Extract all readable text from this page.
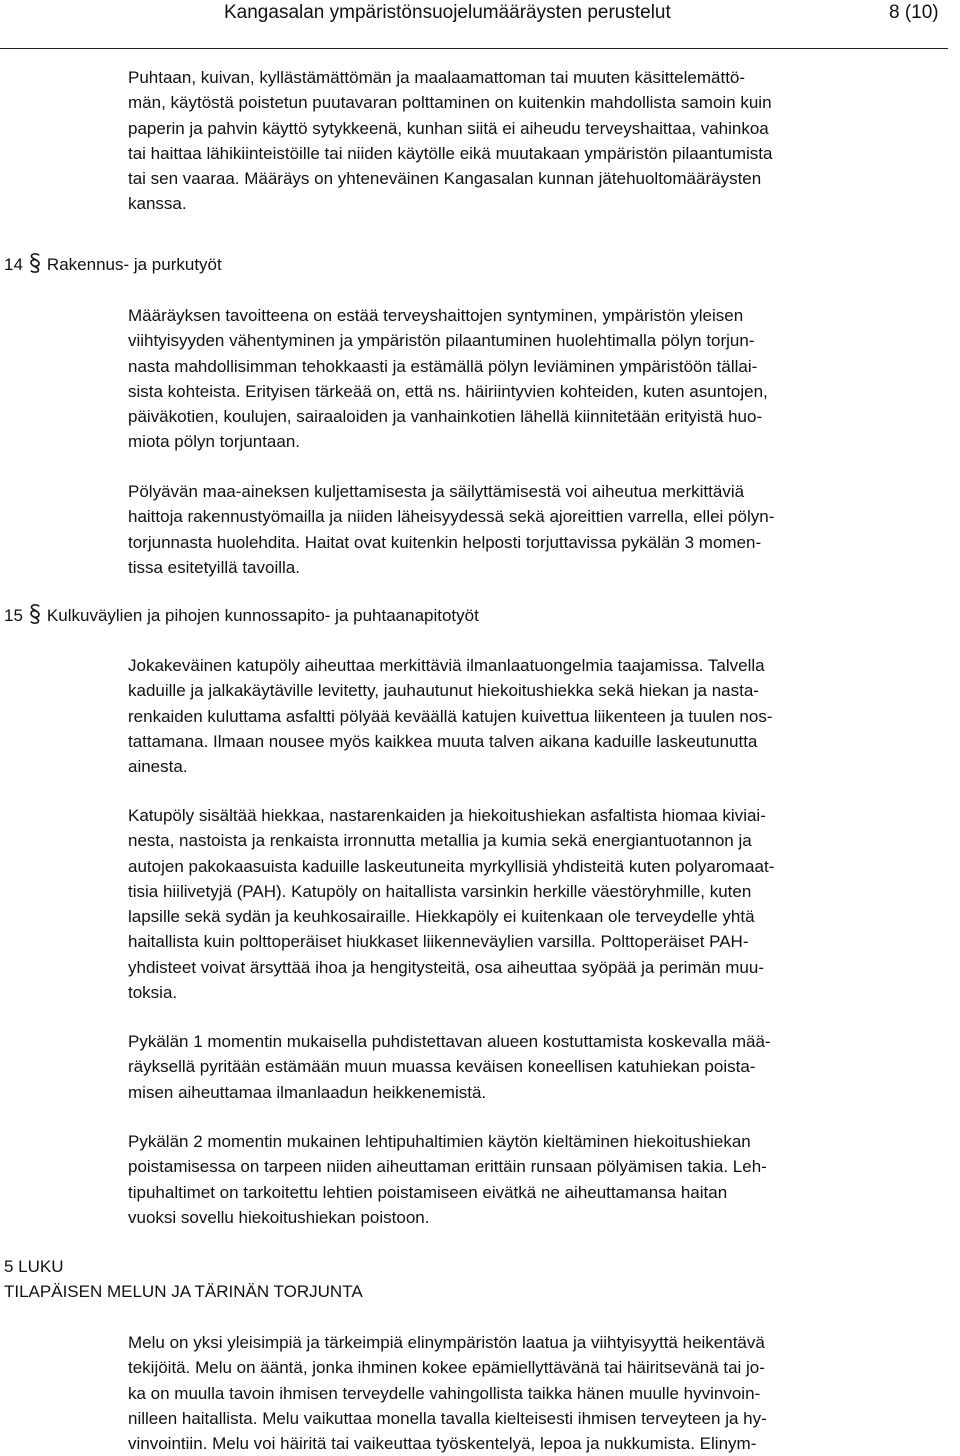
Kangasalan ympäristönsuojelumääräysten perustelut	8 (10)
Puhtaan, kuivan, kyllästämättömän ja maalaamattoman tai muuten käsittelemättö-
män, käytöstä poistetun puutavaran polttaminen on kuitenkin mahdollista samoin kuin
paperin ja pahvin käyttö sytykkeenä, kunhan siitä ei aiheudu terveyshaittaa, vahinkoa
tai haittaa lähikiinteistöille tai niiden käytölle eikä muutakaan ympäristön pilaantumista
tai sen vaaraa. Määräys on yhteneväinen Kangasalan kunnan jätehuoltomääräysten
kanssa.
14 Rakennus- ja purkutyöt
Määräyksen tavoitteena on estää terveyshaittojen syntyminen, ympäristön yleisen
viihtyisyyden vähentyminen ja ympäristön pilaantuminen huolehtimalla pölyn torjun-
nasta mahdollisimman tehokkaasti ja estämällä pölyn leviäminen ympäristöön tällai-
sista kohteista. Erityisen tärkeää on, että ns. häiriintyvien kohteiden, kuten asuntojen,
päiväkotien, koulujen, sairaaloiden ja vanhainkotien lähellä kiinnitetään erityistä huo-
miota pölyn torjuntaan.
Pölyävän maa-aineksen kuljettamisesta ja säilyttämisestä voi aiheutua merkittäviä
haittoja rakennustyömailla ja niiden läheisyydessä sekä ajoreittien varrella, ellei pölyn-
torjunnasta huolehdita. Haitat ovat kuitenkin helposti torjuttavissa pykälän 3 momen-
tissa esitetyillä tavoilla.
15 Kulkuväylien ja pihojen kunnossapito- ja puhtaanapitotyöt
Jokakeväinen katupöly aiheuttaa merkittäviä ilmanlaatuongelmia taajamissa. Talvella
kaduille ja jalkakäytäville levitetty, jauhautunut hiekoitushiekka sekä hiekan ja nasta-
renkaiden kuluttama asfaltti pölyää keväällä katujen kuivettua liikenteen ja tuulen nos-
tattamana. Ilmaan nousee myös kaikkea muuta talven aikana kaduille laskeutunutta
ainesta.
Katupöly sisältää hiekkaa, nastarenkaiden ja hiekoitushiekan asfaltista hiomaa kiviai-
nesta, nastoista ja renkaista irronnutta metallia ja kumia sekä energiantuotannon ja
autojen pakokaasuista kaduille laskeutuneita myrkyllisiä yhdisteitä kuten polyaromaat-
tisia hiilivetyjä (PAH). Katupöly on haitallista varsinkin herkille väestöryhmille, kuten
lapsille sekä sydän ja keuhkosairaille. Hiekkapöly ei kuitenkaan ole terveydelle yhtä
haitallista kuin polttoperäiset hiukkaset liikenneväylien varsilla. Polttoperäiset PAH-
yhdisteet voivat ärsyttää ihoa ja hengitysteitä, osa aiheuttaa syöpää ja perimän muu-
toksia.
Pykälän 1 momentin mukaisella puhdistettavan alueen kostuttamista koskevalla mää-
räyksellä pyritään estämään muun muassa keväisen koneellisen katuhiekan poista-
misen aiheuttamaa ilmanlaadun heikkenemistä.
Pykälän 2 momentin mukainen lehtipuhaltimien käytön kieltäminen hiekoitushiekan
poistamisessa on tarpeen niiden aiheuttaman erittäin runsaan pölyämisen takia. Leh-
tipuhaltimet on tarkoitettu lehtien poistamiseen eivätkä ne aiheuttamansa haitan
vuoksi sovellu hiekoitushiekan poistoon.
5 LUKU
TILAPÄISEN MELUN JA TÄRINÄN TORJUNTA
Melu on yksi yleisimpiä ja tärkeimpiä elinympäristön laatua ja viihtyisyyttä heikentävä
tekijöitä. Melu on ääntä, jonka ihminen kokee epämiellyttävänä tai häiritsevänä tai jo-
ka on muulla tavoin ihmisen terveydelle vahingollista taikka hänen muulle hyvinvoin-
nilleen haitallista. Melu vaikuttaa monella tavalla kielteisesti ihmisen terveyteen ja hy-
vinvointiin. Melu voi häiritä tai vaikeuttaa työskentelyä, lepoa ja nukkumista. Elinym-
